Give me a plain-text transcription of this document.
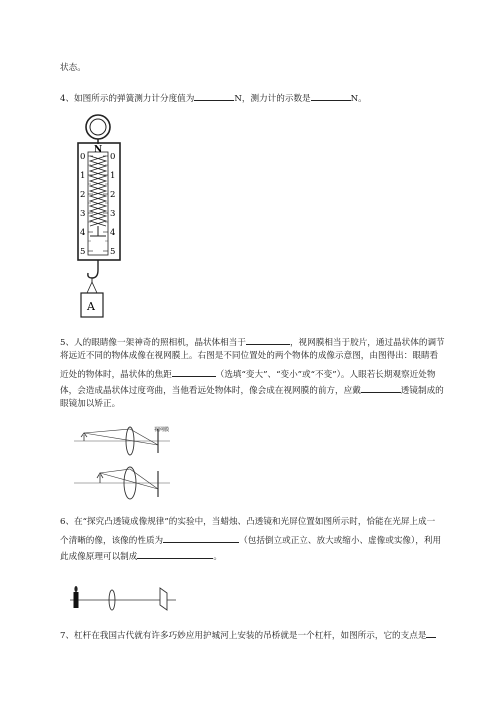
状态。
4、如图所示的弹簧测力计分度值为	N，测力计的示数是	N。
N
0
1
2
3
4
5
0
1
2
3
4
5
A
5、人的眼睛像一架神奇的照相机，晶状体相当于	，视网膜相当于胶片，通过晶状体的调节
将远近不同的物体成像在视网膜上。右图是不同位置处的两个物体的成像示意图，由图得出：眼睛看
近处的物体时，晶状体的焦距	（选填“变大”、“变小”或“不变”）。人眼若长期观察近处物
体，会造成晶状体过度弯曲，当他看远处物体时，像会成在视网膜的前方，应戴	透镜制成的
眼镜加以矫正。
视网膜
6、在“探究凸透镜成像规律”的实验中，当蜡烛、凸透镜和光屏位置如图所示时，恰能在光屏上成一
个清晰的像，该像的性质为	（包括倒立或正立、放大或缩小、虚像或实像），利用
此成像原理可以制成	。
7、杠杆在我国古代就有许多巧妙应用护城河上安装的吊桥就是一个杠杆，如图所示，它的支点是
